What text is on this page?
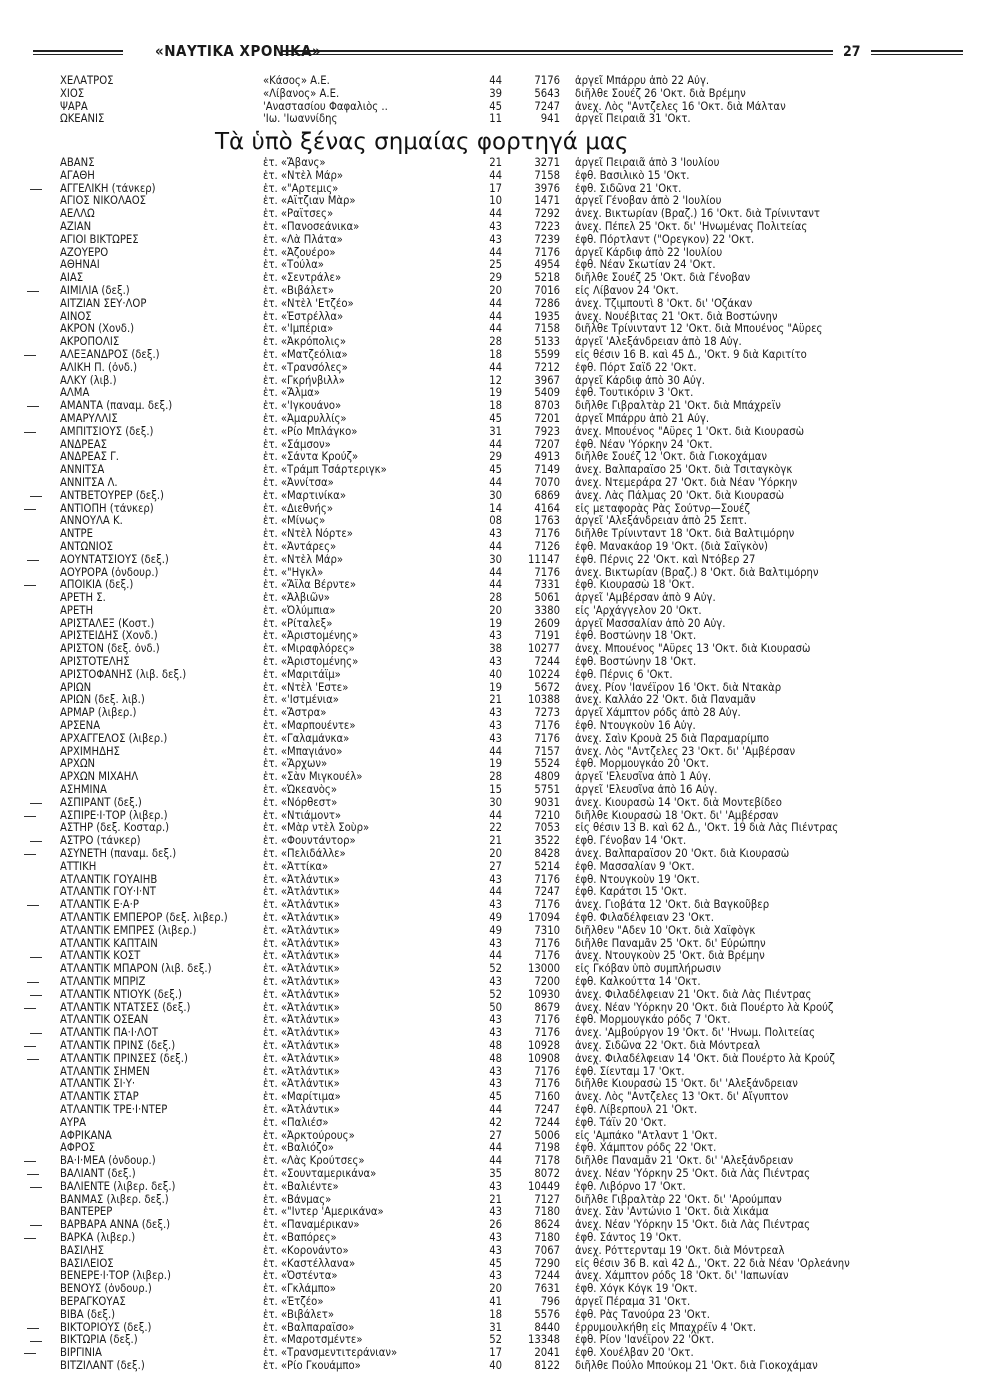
«ΝΑΥΤΙΚΑ ΧΡΟΝΙΚΑ»	27
ΧΕΛΑΤΡΟΣ	«Κάσος» Α.Ε.	44	7176 ἀργεῖ Μπάρρυ ἀπὸ 22 Αὐγ.
ΧΙΟΣ	«Λίβανος» Α.Ε.	39	5643 διῆλθε Σουέζ 26 'Οκτ. διὰ Βρέμην
ΨΑΡΑ	'Αναστασίου Φαφαλιὸς ..	45	7247 ἀνεχ. Λὸς "Αντζελες 16 'Οκτ. διὰ Μάλταν
ΩΚΕΑΝΙΣ	'Ιω. 'Ιωαννίδης	11	941 ἀργεῖ Πειραιᾶ 31 'Οκτ.
Τὰ ὑπὸ ξένας σημαίας φορτηγά μας
ΑΒΑΝΣ	ἑτ. «Ἄβανς»	21	3271 ἀργεῖ Πειραιᾶ ἀπὸ 3 'Ιουλίου
ΑΓΑΘΗ	ἑτ. «Ντὲλ Μάρ»	44	7158 ἐφθ. Βασιλικὸ 15 'Οκτ.
ΑΓΓΕΛΙΚΗ (τάνκερ)	ἑτ. «"Αρτεμις»	17	3976 ἐφθ. Σιδῶνα 21 'Οκτ.
ΑΓΙΟΣ ΝΙΚΟΛΑΟΣ	ἑτ. «Αΐτζιαν Μὰρ»	10	1471 ἀργεῖ Γένοβαν ἀπὸ 2 'Ιουλίου
ΑΕΛΛΩ	ἑτ. «Ραΐτσες»	44	7292 ἀνεχ. Βικτωρίαν (Βραζ.) 16 'Οκτ. διὰ Τρίνινταντ
ΑΖΙΑΝ	ἑτ. «Πανοσεάνικα»	43	7223 ἀνεχ. Πέπελ 25 'Οκτ. δι' 'Ηνωμένας Πολιτείας
ΑΓΙΟΙ ΒΙΚΤΩΡΕΣ	ἑτ. «Λὰ Πλάτα»	43	7239 ἐφθ. Πόρτλαντ ("Ορεγκον) 22 'Οκτ.
ΑΖΟΥΕΡΟ	ἑτ. «Ἀζουέρο»	44	7176 ἀργεῖ Κάρδιφ ἀπὸ 22 'Ιουλίου
ΑΘΗΝΑΙ	ἑτ. «Τούλα»	25	4954 ἐφθ. Νέαν Σκωτίαν 24 'Οκτ.
ΑΙΑΣ	ἑτ. «Σεντράλε»	29	5218 διῆλθε Σουέζ 25 'Οκτ. διὰ Γένοβαν
ΑΙΜΙΛΙΑ (δεξ.)	ἑτ. «Βιβάλετ»	20	7016 εἰς Λίβανον 24 'Οκτ.
ΑΙΤΖΙΑΝ ΣΕΫ·ΛΟΡ	ἑτ. «Ντὲλ 'Ετζέο»	44	7286 ἀνεχ. Τζιμπουτὶ 8 'Οκτ. δι' 'Οζάκαν
ΑΙΝΟΣ	ἑτ. «Ἐστρέλλα»	44	1935 ἀνεχ. Νουέβιτας 21 'Οκτ. διὰ Βοστώνην
ΑΚΡΟΝ (Χονδ.)	ἑτ. «'Ιμπέρια»	44	7158 διῆλθε Τρίνινταντ 12 'Οκτ. διὰ Μπουένος "Αϋρες
ΑΚΡΟΠΟΛΙΣ	ἑτ. «Ἀκρόπολις»	28	5133 ἀργεῖ 'Αλεξάνδρειαν ἀπὸ 18 Αὐγ.
ΑΛΕΞΑΝΔΡΟΣ (δεξ.)	ἑτ. «Ματζεόλια»	18	5599 εἰς θέσιν 16 Β. καὶ 45 Δ., 'Οκτ. 9 διὰ Καριτίτο
ΑΛΙΚΗ Π. (ὀνδ.)	ἑτ. «Τρανσόλες»	44	7212 ἐφθ. Πόρτ Σαΐδ 22 'Οκτ.
ΑΛΚΥ (λιβ.)	ἑτ. «Γκρήνβιλλ»	12	3967 ἀργεῖ Κάρδιφ ἀπὸ 30 Αὐγ.
ΑΛΜΑ	ἑτ. «Ἄλμα»	19	5409 ἐφθ. Τουτικόριν 3 'Οκτ.
ΑΜΑΝΤΑ (παναμ. δεξ.)	ἑτ. «'Ιγκουάνο»	18	8703 διῆλθε Γιβραλτὰρ 21 'Οκτ. διὰ Μπάχρεϊν
ΑΜΑΡΥΛΛΙΣ	ἑτ. «Ἀμαρυλλίς»	45	7201 ἀργεῖ Μπάρρυ ἀπὸ 21 Αὐγ.
ΑΜΠΙΤΣΙΟΥΣ (δεξ.)	ἑτ. «Ρίο Μπλάγκο»	31	7923 ἀνεχ. Μπουένος "Αϋρες 1 'Οκτ. διὰ Κιουρασὼ
ΑΝΔΡΕΑΣ	ἑτ. «Σάμσον»	44	7207 ἐφθ. Νέαν 'Υόρκην 24 'Οκτ.
ΑΝΔΡΕΑΣ Γ.	ἑτ. «Σάντα Κρούζ»	29	4913 διῆλθε Σουέζ 12 'Οκτ. διὰ Γιοκοχάμαν
ΑΝΝΙΤΣΑ	ἑτ. «Τράμπ Τσάρτεριγκ»	45	7149 ἀνεχ. Βαλπαραΐσο 25 'Οκτ. διὰ Τσιταγκὸγκ
ΑΝΝΙΤΣΑ Λ.	ἑτ. «Ἀννίτσα»	44	7070 ἀνεχ. Ντεμεράρα 27 'Οκτ. διὰ Νέαν 'Υόρκην
ΑΝΤΒΕΤΟΥΡΕΡ (δεξ.)	ἑτ. «Μαρτινίκα»	30	6869 ἀνεχ. Λὰς Πάλμας 20 'Οκτ. διὰ Κιουρασὼ
ΑΝΤΙΟΠΗ (τάνκερ)	ἑτ. «Διεθνής»	14	4164 εἰς μεταφορὰς Ρὰς Σούτνρ—Σουέζ
ΑΝΝΟΥΛΑ Κ.	ἑτ. «Μίνως»	08	1763 ἀργεῖ 'Αλεξάνδρειαν ἀπὸ 25 Σεπτ.
ΑΝΤΡΕ	ἑτ. «Ντὲλ Νόρτε»	43	7176 διῆλθε Τρίνινταντ 18 'Οκτ. διὰ Βαλτιμόρην
ΑΝΤΩΝΙΟΣ	ἑτ. «Ἀντάρες»	44	7126 ἐφθ. Μανακάορ 19 'Οκτ. (διὰ Σαϊγκὸν)
ΑΟΥΝΤΑΤΣΙΟΥΣ (δεξ.)	ἑτ. «Ντὲλ Μάρ»	30	11147 ἐφθ. Πέρνις 22 'Οκτ. καὶ Ντόβερ 27
ΑΟΥΡΟΡΑ (ὀνδουρ.)	ἑτ. «"Ηγκλ»	44	7176 ἀνεχ. Βικτωρίαν (Βραζ.) 8 'Οκτ. διὰ Βαλτιμόρην
ΑΠΟΙΚΙΑ (δεξ.)	ἑτ. «Ἄϊλα Βέρντε»	44	7331 ἐφθ. Κιουρασὼ 18 'Οκτ.
ΑΡΕΤΗ Σ.	ἑτ. «Ἀλβιῶν»	28	5061 ἀργεῖ 'Αμβέρσαν ἀπὸ 9 Αὐγ.
ΑΡΕΤΗ	ἑτ. «Ὀλύμπια»	20	3380 εἰς 'Αρχάγγελον 20 'Οκτ.
ΑΡΙΣΤΑΛΕΞ (Κοστ.)	ἑτ. «Ρίταλεξ»	19	2609 ἀργεῖ Μασσαλίαν ἀπὸ 20 Αὐγ.
ΑΡΙΣΤΕΙΔΗΣ (Χονδ.)	ἑτ. «Ἀριστομένης»	43	7191 ἐφθ. Βοστώνην 18 'Οκτ.
ΑΡΙΣΤΟΝ (δεξ. ὀνδ.)	ἑτ. «Μιραφλόρες»	38	10277 ἀνεχ. Μπουένος "Αϋρες 13 'Οκτ. διὰ Κιουρασὼ
ΑΡΙΣΤΟΤΕΛΗΣ	ἑτ. «Ἀριστομένης»	43	7244 ἐφθ. Βοστώνην 18 'Οκτ.
ΑΡΙΣΤΟΦΑΝΗΣ (λιβ. δεξ.)	ἑτ. «Μαριτάϊμ»	40	10224 ἐφθ. Πέρνις 6 'Οκτ.
ΑΡΙΩΝ	ἑτ. «Ντὲλ 'Εστε»	19	5672 ἀνεχ. Ρίον 'Ιανέϊρον 16 'Οκτ. διὰ Ντακὰρ
ΑΡΙΩΝ (δεξ. λιβ.)	ἑτ. «'Ιστμένια»	21	10388 ἀνεχ. Καλλάο 22 'Οκτ. διὰ Παναμᾶν
ΑΡΜΑΡ (λιβερ.)	ἑτ. «Ἄστρα»	43	7273 ἀργεῖ Χάμπτον ρόδς ἀπὸ 28 Αὐγ.
ΑΡΣΕΝΑ	ἑτ. «Μαρπουέντε»	43	7176 ἐφθ. Ντουγκοὺν 16 Αὐγ.
ΑΡΧΑΓΓΕΛΟΣ (λιβερ.)	ἑτ. «Γαλαμάνκα»	43	7176 ἀνεχ. Σαὶν Κρουὰ 25 διὰ Παραμαρίμπο
ΑΡΧΙΜΗΔΗΣ	ἑτ. «Μπαγιάνο»	44	7157 ἀνεχ. Λὸς "Αντζελες 23 'Οκτ. δι' 'Αμβέρσαν
ΑΡΧΩΝ	ἑτ. «Ἄρχων»	19	5524 ἐφθ. Μορμουγκάο 20 'Οκτ.
ΑΡΧΩΝ ΜΙΧΑΗΛ	ἑτ. «Σὰν Μιγκουέλ»	28	4809 ἀργεῖ 'Ελευσῖνα ἀπὸ 1 Αὐγ.
ΑΣΗΜΙΝΑ	ἑτ. «Ὠκεανὸς»	15	5751 ἀργεῖ 'Ελευσῖνα ἀπὸ 16 Αὐγ.
ΑΣΠΙΡΑΝΤ (δεξ.)	ἑτ. «Νόρθεστ»	30	9031 ἀνεχ. Κιουρασὼ 14 'Οκτ. διὰ Μοντεβίδεο
ΑΣΠΙΡΕ·Ι·ΤΟΡ (λιβερ.)	ἑτ. «Ντιάμοντ»	44	7210 διῆλθε Κιουρασὼ 18 'Οκτ. δι' 'Αμβέρσαν
ΑΣΤΗΡ (δεξ. Κοσταρ.)	ἑτ. «Μὰρ ντὲλ Σοὺρ»	22	7053 εἰς θέσιν 13 Β. καὶ 62 Δ., 'Οκτ. 19 διὰ Λὰς Πιέντρας
ΑΣΤΡΟ (τάνκερ)	ἑτ. «Φουντάντορ»	21	3522 ἐφθ. Γένοβαν 14 'Οκτ.
ΑΣΥΝΕΤΗ (παναμ. δεξ.)	ἑτ. «Πελιδάλλε»	20	8428 ἀνεχ. Βαλπαραΐσον 20 'Οκτ. διὰ Κιουρασὼ
ΑΤΤΙΚΗ	ἑτ. «Ἀττίκα»	27	5214 ἐφθ. Μασσαλίαν 9 'Οκτ.
ΑΤΛΑΝΤΙΚ ΓΟΥΑΙΗΒ	ἑτ. «Ἀτλάντικ»	43	7176 ἐφθ. Ντουγκοὺν 19 'Οκτ.
ΑΤΛΑΝΤΙΚ ΓΟΥ·Ι·ΝΤ	ἑτ. «Ἀτλάντικ»	44	7247 ἐφθ. Καράτσι 15 'Οκτ.
ΑΤΛΑΝΤΙΚ Ε·Α·Ρ	ἑτ. «Ἀτλάντικ»	43	7176 ἀνεχ. Γιοβάτα 12 'Οκτ. διὰ Βαγκοῦβερ
ΑΤΛΑΝΤΙΚ ΕΜΠΕΡΟΡ (δεξ. λιβερ.)	ἑτ. «Ἀτλάντικ»	49	17094 ἐφθ. Φιλαδέλφειαν 23 'Οκτ.
ΑΤΛΑΝΤΙΚ ΕΜΠΡΕΣ (λιβερ.)	ἑτ. «Ἀτλάντικ»	49	7310 διῆλθεν "Αδεν 10 'Οκτ. διὰ Χαϊφὸγκ
ΑΤΛΑΝΤΙΚ ΚΑΠΤΑΙΝ	ἑτ. «Ἀτλάντικ»	43	7176 διῆλθε Παναμᾶν 25 'Οκτ. δι' Εὐρώπην
ΑΤΛΑΝΤΙΚ ΚΟΣΤ	ἑτ. «Ἀτλάντικ»	44	7176 ἀνεχ. Ντουγκοὺν 25 'Οκτ. διὰ Βρέμην
ΑΤΛΑΝΤΙΚ ΜΠΑΡΟΝ (λιβ. δεξ.)	ἑτ. «Ἀτλάντικ»	52	13000 εἰς Γκόβαν ὑπὸ συμπλήρωσιν
ΑΤΛΑΝΤΙΚ ΜΠΡΙΖ	ἑτ. «Ἀτλάντικ»	43	7200 ἐφθ. Καλκούττα 14 'Οκτ.
ΑΤΛΑΝΤΙΚ ΝΤΙΟΥΚ (δεξ.)	ἑτ. «Ἀτλάντικ»	52	10930 ἀνεχ. Φιλαδέλφειαν 21 'Οκτ. διὰ Λὰς Πιέντρας
ΑΤΛΑΝΤΙΚ ΝΤΑΤΣΕΣ (δεξ.)	ἑτ. «Ἀτλάντικ»	50	8679 ἀνεχ. Νέαν 'Υόρκην 20 'Οκτ. διὰ Πουέρτο λὰ Κρούζ
ΑΤΛΑΝΤΙΚ ΟΣΕΑΝ	ἑτ. «Ἀτλάντικ»	43	7176 ἐφθ. Μορμουγκάο ρόδς 7 'Οκτ.
ΑΤΛΑΝΤΙΚ ΠΑ·Ι·ΛΟΤ	ἑτ. «Ἀτλάντικ»	43	7176 ἀνεχ. 'Αμβούργον 19 'Οκτ. δι' 'Ηνωμ. Πολιτείας
ΑΤΛΑΝΤΙΚ ΠΡΙΝΣ (δεξ.)	ἑτ. «Ἀτλάντικ»	48	10928 ἀνεχ. Σιδῶνα 22 'Οκτ. διὰ Μόντρεαλ
ΑΤΛΑΝΤΙΚ ΠΡΙΝΣΕΣ (δεξ.)	ἑτ. «Ἀτλάντικ»	48	10908 ἀνεχ. Φιλαδέλφειαν 14 'Οκτ. διὰ Πουέρτο λὰ Κρούζ
ΑΤΛΑΝΤΙΚ ΣΗΜΕΝ	ἑτ. «Ἀτλάντικ»	43	7176 ἐφθ. Σίενταμ 17 'Οκτ.
ΑΤΛΑΝΤΙΚ ΣΙ·Υ·	ἑτ. «Ἀτλάντικ»	43	7176 διῆλθε Κιουρασὼ 15 'Οκτ. δι' 'Αλεξάνδρειαν
ΑΤΛΑΝΤΙΚ ΣΤΑΡ	ἑτ. «Μαρίτιμα»	45	7160 ἀνεχ. Λὸς "Αντζελες 13 'Οκτ. δι' Αἴγυπτον
ΑΤΛΑΝΤΙΚ ΤΡΕ·Ι·ΝΤΕΡ	ἑτ. «Ἀτλάντικ»	44	7247 ἐφθ. Λίβερπουλ 21 'Οκτ.
ΑΥΡΑ	ἑτ. «Παλιέσ»	42	7244 ἐφθ. Τάϊν 20 'Οκτ.
ΑΦΡΙΚΑΝΑ	ἑτ. «Ἀρκτούρους»	27	5006 εἰς 'Αμπάκο "Ατλαντ 1 'Οκτ.
ΑΦΡΟΣ	ἑτ. «Βαλιόζο»	44	7198 ἐφθ. Χάμπτον ρόδς 22 'Οκτ.
ΒΑ·Ι·ΜΕΑ (ὀνδουρ.)	ἑτ. «Λὰς Κρούτσες»	44	7178 διῆλθε Παναμᾶν 21 'Οκτ. δι' 'Αλεξάνδρειαν
ΒΑΛΙΑΝΤ (δεξ.)	ἑτ. «Σουνταμερικάνα»	35	8072 ἀνεχ. Νέαν 'Υόρκην 25 'Οκτ. διὰ Λὰς Πιέντρας
ΒΑΛΙΕΝΤΕ (λιβερ. δεξ.)	ἑτ. «Βαλιέντε»	43	10449 ἐφθ. Λιβόρνο 17 'Οκτ.
ΒΑΝΜΑΣ (λιβερ. δεξ.)	ἑτ. «Βάνμας»	21	7127 διῆλθε Γιβραλτὰρ 22 'Οκτ. δι' 'Αρούμπαν
ΒΑΝΤΕΡΕΡ	ἑτ. «"Ιντερ 'Αμερικάνα»	43	7180 ἀνεχ. Σὰν 'Αντώνιο 1 'Οκτ. διὰ Χικάμα
ΒΑΡΒΑΡΑ ΑΝΝΑ (δεξ.)	ἑτ. «Παναμέρικαν»	26	8624 ἀνεχ. Νέαν 'Υόρκην 15 'Οκτ. διὰ Λὰς Πιέντρας
ΒΑΡΚΑ (λιβερ.)	ἑτ. «Βαπόρες»	43	7180 ἐφθ. Σάντος 19 'Οκτ.
ΒΑΣΙΛΗΣ	ἑτ. «Κορονάντο»	43	7067 ἀνεχ. Ρόττερνταμ 19 'Οκτ. διὰ Μόντρεαλ
ΒΑΣΙΛΕΙΟΣ	ἑτ. «Καστέλλανα»	45	7290 εἰς θέσιν 36 Β. καὶ 42 Δ., 'Οκτ. 22 διὰ Νέαν 'Ορλεάνην
ΒΕΝΕΡΕ·Ι·ΤΟΡ (λιβερ.)	ἑτ. «Ὀστέντα»	43	7244 ἀνεχ. Χάμπτον ρόδς 18 'Οκτ. δι' 'Ιαπωνίαν
ΒΕΝΟΥΣ (ὀνδουρ.)	ἑτ. «Γκλάμπο»	20	7631 ἐφθ. Χόγκ Κόγκ 19 'Οκτ.
ΒΕΡΑΓΚΟΥΑΣ	ἑτ. «Ἐτζέο»	41	796 ἀργεῖ Πέραμα 31 'Οκτ.
ΒΙΒΑ (δεξ.)	ἑτ. «Βιβάλετ»	18	5576 ἐφθ. Ρὰς Τανούρα 23 'Οκτ.
ΒΙΚΤΟΡΙΟΥΣ (δεξ.)	ἑτ. «Βαλπαραΐσο»	31	8440 ἐρρυμουλκήθη εἰς Μπαχρέϊν 4 'Οκτ.
ΒΙΚΤΩΡΙΑ (δεξ.)	ἑτ. «Μαροτσμέντε»	52	13348 ἐφθ. Ρίον 'Ιανέϊρον 22 'Οκτ.
ΒΙΡΓΙΝΙΑ	ἑτ. «Τρανσμεντιτεράνιαν»	17	2041 ἐφθ. Χουέλβαν 20 'Οκτ.
ΒΙΤΖΙΛΑΝΤ (δεξ.)	ἑτ. «Ρίο Γκουάμπο»	40	8122 διῆλθε Πούλο Μπούκομ 21 'Οκτ. διὰ Γιοκοχάμαν
